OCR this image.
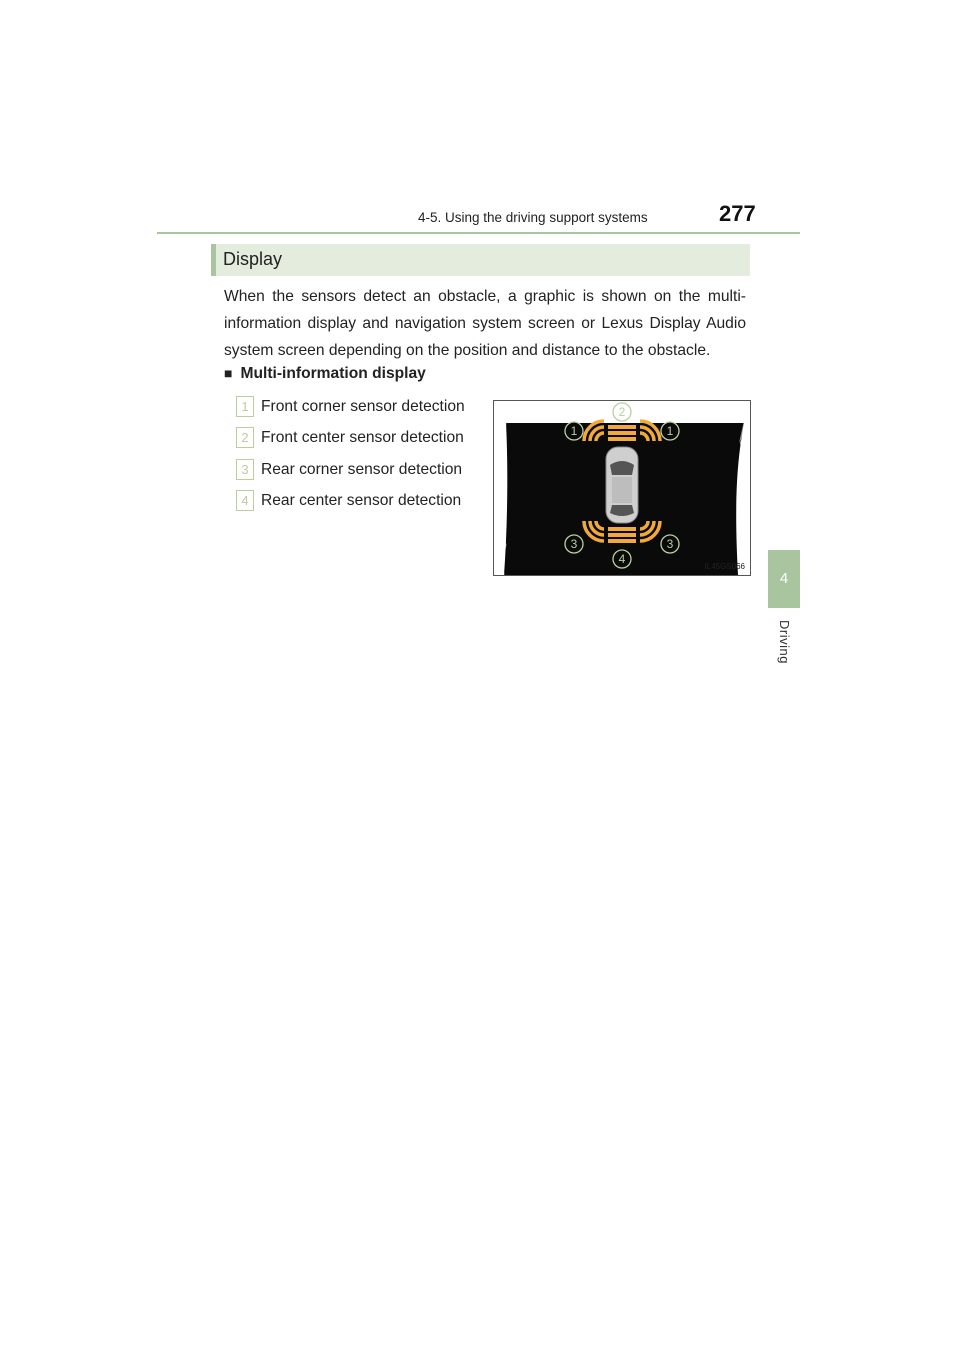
4-5. Using the driving support systems	277
4
Driving
Display
When the sensors detect an obstacle, a graphic is shown on the multi-information display and navigation system screen or Lexus Display Audio system screen depending on the position and distance to the obstacle.
■ Multi-information display
1 Front corner sensor detection
2 Front center sensor detection
3 Rear corner sensor detection
4 Rear center sensor detection
1	1
2
3	3
4
IL45GS066
